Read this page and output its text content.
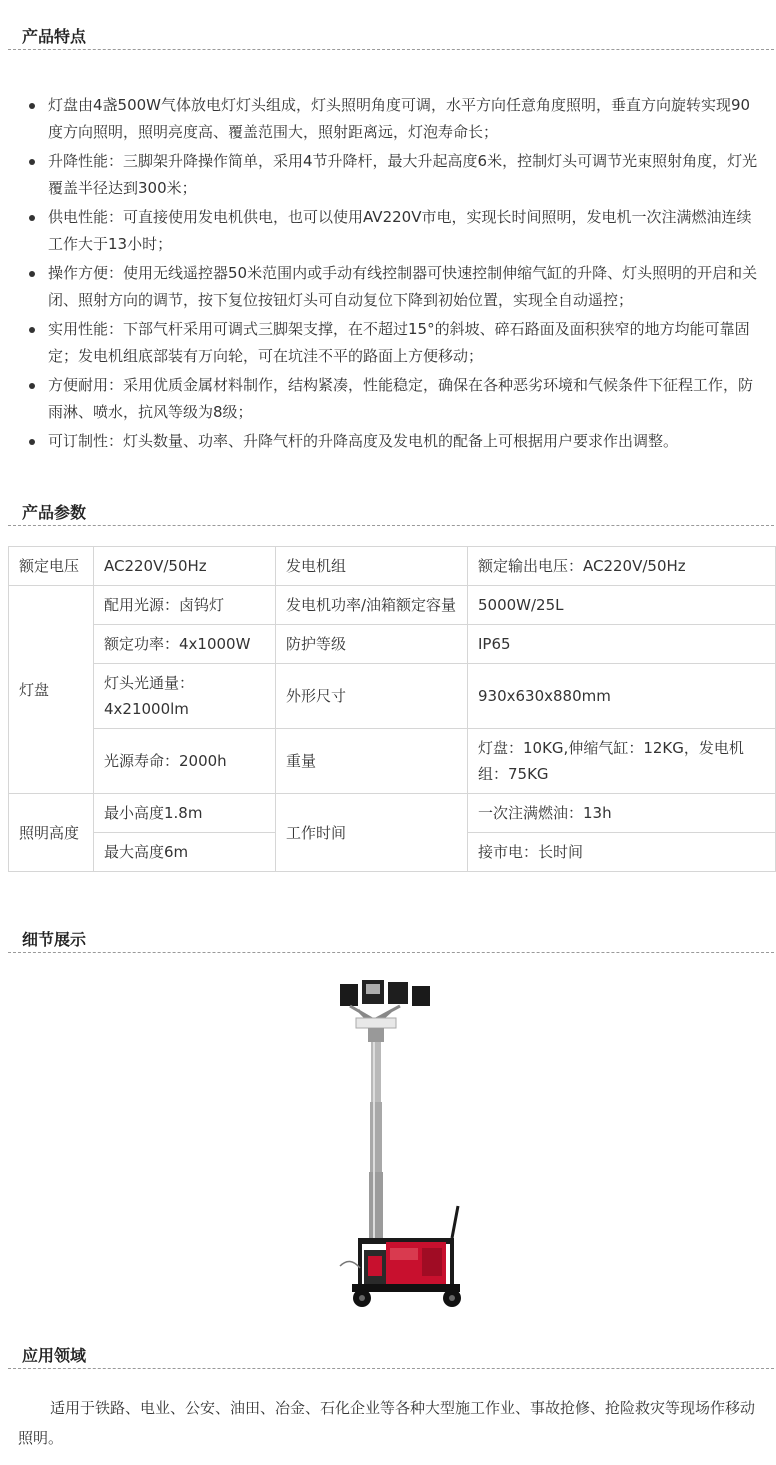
产品特点
灯盘由4盏500W气体放电灯灯头组成，灯头照明角度可调，水平方向任意角度照明，垂直方向旋转实现90度方向照明，照明亮度高、覆盖范围大，照射距离远，灯泡寿命长；
升降性能：三脚架升降操作简单，采用4节升降杆，最大升起高度6米，控制灯头可调节光束照射角度，灯光覆盖半径达到300米；
供电性能：可直接使用发电机供电，也可以使用AV220V市电，实现长时间照明，发电机一次注满燃油连续工作大于13小时；
操作方便：使用无线遥控器50米范围内或手动有线控制器可快速控制伸缩气缸的升降、灯头照明的开启和关闭、照射方向的调节，按下复位按钮灯头可自动复位下降到初始位置，实现全自动遥控；
实用性能：下部气杆采用可调式三脚架支撑，在不超过15°的斜坡、碎石路面及面积狭窄的地方均能可靠固定；发电机组底部装有万向轮，可在坑洼不平的路面上方便移动；
方便耐用：采用优质金属材料制作，结构紧凑，性能稳定，确保在各种恶劣环境和气候条件下征程工作，防雨淋、喷水，抗风等级为8级；
可订制性：灯头数量、功率、升降气杆的升降高度及发电机的配备上可根据用户要求作出调整。
产品参数
额定电压	AC220V/50Hz	发电机组	额定输出电压：AC220V/50Hz
灯盘	配用光源：卤钨灯	发电机功率/油箱额定容量	5000W/25L
	额定功率：4x1000W	防护等级	IP65
	灯头光通量：4x21000lm	外形尺寸	930x630x880mm
	光源寿命：2000h	重量	灯盘：10KG,伸缩气缸：12KG，发电机组：75KG
照明高度	最小高度1.8m	工作时间	一次注满燃油：13h
	最大高度6m		接市电：长时间
细节展示
应用领域
适用于铁路、电业、公安、油田、冶金、石化企业等各种大型施工作业、事故抢修、抢险救灾等现场作移动照明。
